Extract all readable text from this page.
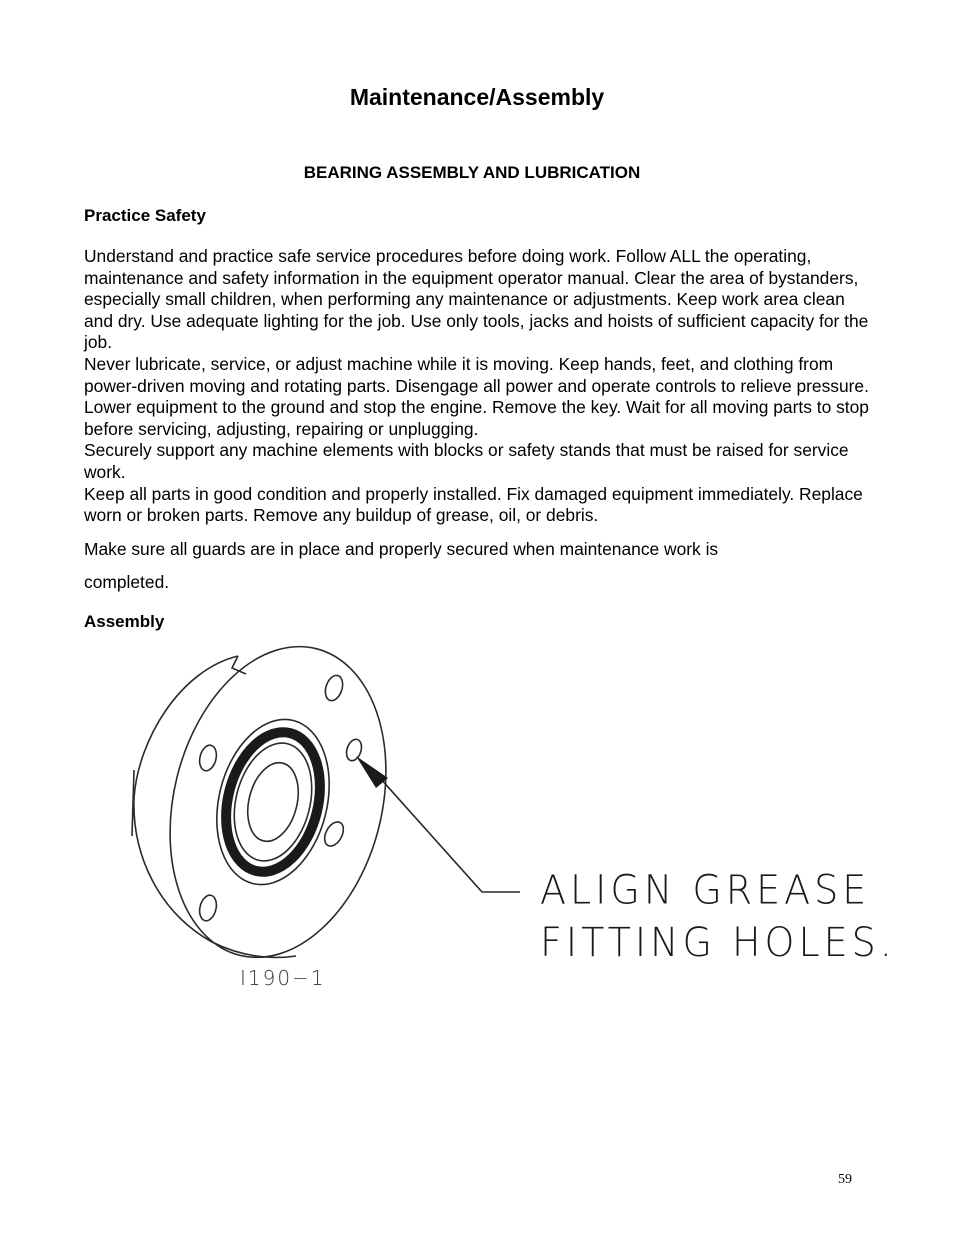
Maintenance/Assembly
BEARING ASSEMBLY AND LUBRICATION
Practice Safety
Understand and practice safe service procedures before doing work. Follow ALL the operating, maintenance and safety information in the equipment operator manual. Clear the area of bystanders, especially small children, when performing any maintenance or adjustments. Keep work area clean and dry. Use adequate lighting for the job. Use only tools, jacks and hoists of sufficient capacity for the job.
Never lubricate, service, or adjust machine while it is moving. Keep hands, feet, and clothing from power-driven moving and rotating parts. Disengage all power and operate controls to relieve pressure. Lower equipment to the ground and stop the engine. Remove the key. Wait for all moving parts to stop before servicing, adjusting, repairing or unplugging.
Securely support any machine elements with blocks or safety stands that must be raised for service work.
Keep all parts in good condition and properly installed. Fix damaged equipment immediately. Replace worn or broken parts. Remove any buildup of grease, oil, or debris.

Make sure all guards are in place and properly secured when maintenance work is completed.

Assembly
ALIGN GREASE
FITTING HOLES.
I190−1
59
